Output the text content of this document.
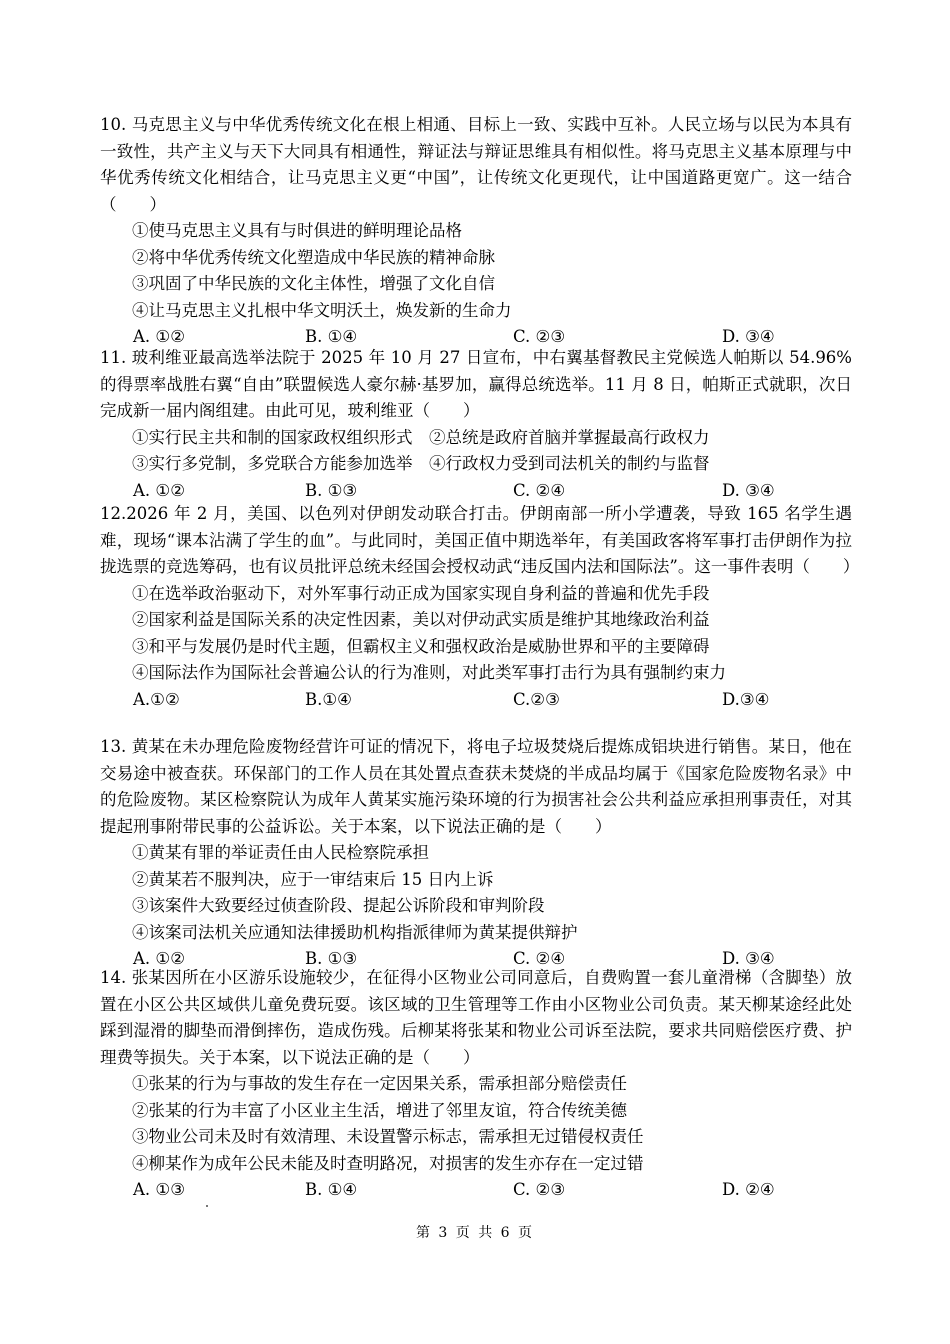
10. 马克思主义与中华优秀传统文化在根上相通、目标上一致、实践中互补。人民立场与以民为本具有一致性，共产主义与天下大同具有相通性，辩证法与辩证思维具有相似性。将马克思主义基本原理与中华优秀传统文化相结合，让马克思主义更“中国”，让传统文化更现代，让中国道路更宽广。这一结合（　　）

①使马克思主义具有与时俱进的鲜明理论品格

②将中华优秀传统文化塑造成中华民族的精神命脉

③巩固了中华民族的文化主体性，增强了文化自信

④让马克思主义扎根中华文明沃土，焕发新的生命力

A. ①②	B. ①④	C. ②③	D. ③④

11. 玻利维亚最高选举法院于 2025 年 10 月 27 日宣布，中右翼基督教民主党候选人帕斯以 54.96% 的得票率战胜右翼“自由”联盟候选人豪尔赫·基罗加，赢得总统选举。11 月 8 日，帕斯正式就职，次日完成新一届内阁组建。由此可见，玻利维亚（　　）

①实行民主共和制的国家政权组织形式　②总统是政府首脑并掌握最高行政权力

③实行多党制，多党联合方能参加选举　④行政权力受到司法机关的制约与监督

A. ①②	B. ①③	C. ②④	D. ③④

12.2026 年 2 月，美国、以色列对伊朗发动联合打击。伊朗南部一所小学遭袭，导致 165 名学生遇难，现场“课本沾满了学生的血”。与此同时，美国正值中期选举年，有美国政客将军事打击伊朗作为拉拢选票的竞选筹码，也有议员批评总统未经国会授权动武“违反国内法和国际法”。这一事件表明（　　）

①在选举政治驱动下，对外军事行动正成为国家实现自身利益的普遍和优先手段

②国家利益是国际关系的决定性因素，美以对伊动武实质是维护其地缘政治利益

③和平与发展仍是时代主题，但霸权主义和强权政治是威胁世界和平的主要障碍

④国际法作为国际社会普遍公认的行为准则，对此类军事打击行为具有强制约束力

A.①②	B.①④	C.②③	D.③④

13. 黄某在未办理危险废物经营许可证的情况下，将电子垃圾焚烧后提炼成铝块进行销售。某日，他在交易途中被查获。环保部门的工作人员在其处置点查获未焚烧的半成品均属于《国家危险废物名录》中的危险废物。某区检察院认为成年人黄某实施污染环境的行为损害社会公共利益应承担刑事责任，对其提起刑事附带民事的公益诉讼。关于本案，以下说法正确的是（　　）

①黄某有罪的举证责任由人民检察院承担

②黄某若不服判决，应于一审结束后 15 日内上诉

③该案件大致要经过侦查阶段、提起公诉阶段和审判阶段

④该案司法机关应通知法律援助机构指派律师为黄某提供辩护

A. ①②	B. ①③	C. ②④	D. ③④

14. 张某因所在小区游乐设施较少，在征得小区物业公司同意后，自费购置一套儿童滑梯（含脚垫）放置在小区公共区域供儿童免费玩耍。该区域的卫生管理等工作由小区物业公司负责。某天柳某途经此处踩到湿滑的脚垫而滑倒摔伤，造成伤残。后柳某将张某和物业公司诉至法院，要求共同赔偿医疗费、护理费等损失。关于本案，以下说法正确的是（　　）

①张某的行为与事故的发生存在一定因果关系，需承担部分赔偿责任

②张某的行为丰富了小区业主生活，增进了邻里友谊，符合传统美德

③物业公司未及时有效清理、未设置警示标志，需承担无过错侵权责任

④柳某作为成年公民未能及时查明路况，对损害的发生亦存在一定过错

A. ①③	B. ①④	C. ②③	D. ②④
第 3 页 共 6 页
